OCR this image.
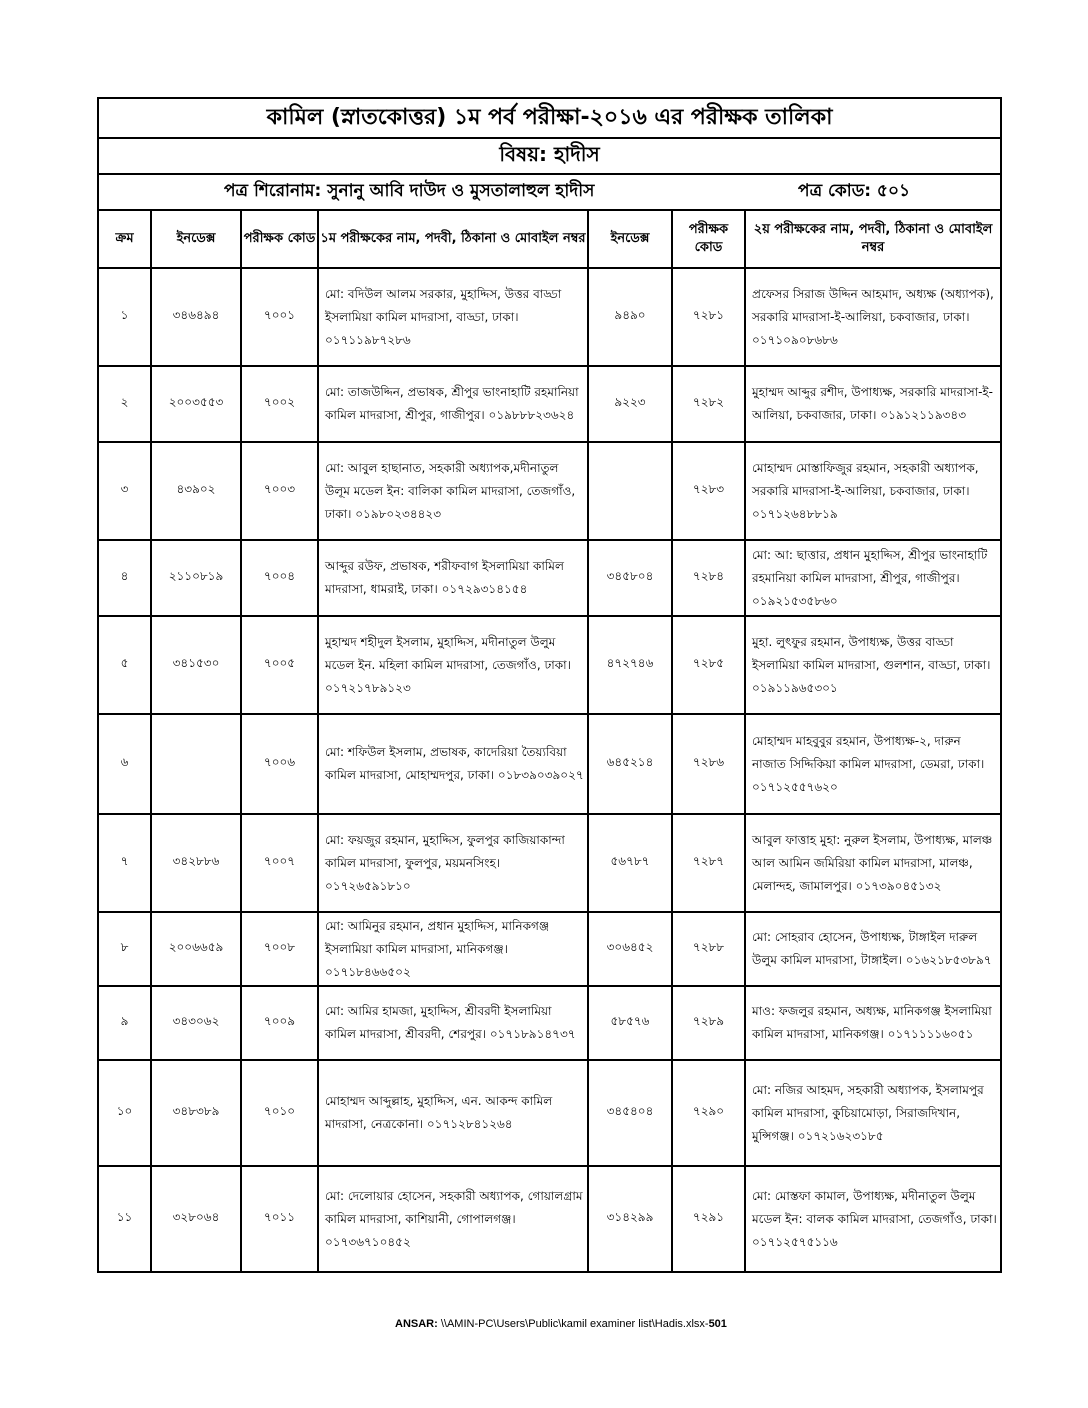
কামিল (স্নাতকোত্তর) ১ম পর্ব পরীক্ষা-২০১৬ এর পরীক্ষক তালিকা						
বিষয়: হাদীস						

পত্র শিরোনাম: সুনানু আবি দাউদ ও মুসতালাহুল হাদীস পত্র কোড: ৫০১						

ক্রম	ইনডেক্স	পরীক্ষক কোড	১ম পরীক্ষকের নাম, পদবী, ঠিকানা ও মোবাইল নম্বর	ইনডেক্স	পরীক্ষক কোড	২য় পরীক্ষকের নাম, পদবী, ঠিকানা ও মোবাইল নম্বর
১	৩৪৬৪৯৪	৭০০১	মো: বদিউল আলম সরকার, মুহাদ্দিস, উত্তর বাড্ডা ইসলামিয়া কামিল মাদরাসা, বাড্ডা, ঢাকা। ০১৭১১৯৮৭২৮৬	৯৪৯০	৭২৮১	প্রফেসর সিরাজ উদ্দিন আহমাদ, অধ্যক্ষ (অধ্যাপক), সরকারি মাদরাসা-ই-আলিয়া, চকবাজার, ঢাকা। ০১৭১০৯০৮৬৮৬
২	২০০৩৫৫৩	৭০০২	মো: তাজউদ্দিন, প্রভাষক, শ্রীপুর ভাংনাহাটি রহমানিয়া কামিল মাদরাসা, শ্রীপুর, গাজীপুর। ০১৯৮৮৮২৩৬২৪	৯২২৩	৭২৮২	মুহাম্মদ আব্দুর রশীদ, উপাধ্যক্ষ, সরকারি মাদরাসা-ই-আলিয়া, চকবাজার, ঢাকা। ০১৯১২১১৯৩৪৩
৩	৪৩৯০২	৭০০৩	মো: আবুল হাছানাত, সহকারী অধ্যাপক,মদীনাতুল উলূম মডেল ইন: বালিকা কামিল মাদরাসা, তেজগাঁও, ঢাকা। ০১৯৮০২৩৪৪২৩		৭২৮৩	মোহাম্মদ মোস্তাফিজুর রহমান, সহকারী অধ্যাপক, সরকারি মাদরাসা-ই-আলিয়া, চকবাজার, ঢাকা।০১৭১২৬৪৮৮১৯
৪	২১১০৮১৯	৭০০৪	আব্দুর রউফ, প্রভাষক, শরীফবাগ ইসলামিয়া কামিল মাদরাসা, ধামরাই, ঢাকা। ০১৭২৯৩১৪১৫৪	৩৪৫৮০৪	৭২৮৪	মো: আ: ছাত্তার, প্রধান মুহাদ্দিস, শ্রীপুর ভাংনাহাটি রহমানিয়া কামিল মাদরাসা, শ্রীপুর, গাজীপুর। ০১৯২১৫৩৫৮৬০
৫	৩৪১৫৩০	৭০০৫	মুহাম্মদ শহীদুল ইসলাম, মুহাদ্দিস, মদীনাতুল উলুম মডেল ইন. মহিলা কামিল মাদরাসা, তেজগাঁও, ঢাকা। ০১৭২১৭৮৯১২৩	৪৭২৭৪৬	৭২৮৫	মুহা. লুৎফুর রহমান, উপাধ্যক্ষ, উত্তর বাড্ডা ইসলামিয়া কামিল মাদরাসা, গুলশান, বাড্ডা, ঢাকা। ০১৯১১৯৬৫৩০১
৬		৭০০৬	মো: শফিউল ইসলাম, প্রভাষক, কাদেরিয়া তৈয়্যবিয়া কামিল মাদরাসা, মোহাম্মদপুর, ঢাকা। ০১৮৩৯০৩৯০২৭	৬৪৫২১৪	৭২৮৬	মোহাম্মদ মাহবুবুর রহমান, উপাধ্যক্ষ-২, দারুন নাজাত সিদ্দিকিয়া কামিল মাদরাসা, ডেমরা, ঢাকা। ০১৭১২৫৫৭৬২০
৭	৩৪২৮৮৬	৭০০৭	মো: ফয়জুর রহমান, মুহাদ্দিস, ফুলপুর কাজিয়াকান্দা কামিল মাদরাসা, ফুলপুর, ময়মনসিংহ। ০১৭২৬৫৯১৮১০	৫৬৭৮৭	৭২৮৭	আবুল ফাত্তাহ মুহা: নুরুল ইসলাম, উপাধ্যক্ষ, মালঞ্চ আল আমিন জমিরিয়া কামিল মাদরাসা, মালঞ্চ, মেলান্দহ, জামালপুর। ০১৭৩৯০৪৫১৩২
৮	২০০৬৬৫৯	৭০০৮	মো: আমিনুর রহমান, প্রধান মুহাদ্দিস, মানিকগঞ্জ ইসলামিয়া কামিল মাদরাসা, মানিকগঞ্জ। ০১৭১৮৪৬৬৫০২	৩০৬৪৫২	৭২৮৮	মো: সোহরাব হোসেন, উপাধ্যক্ষ, টাঙ্গাইল দারুল উলুম কামিল মাদরাসা, টাঙ্গাইল। ০১৬২১৮৫৩৮৯৭
৯	৩৪৩০৬২	৭০০৯	মো: আমির হামজা, মুহাদ্দিস, শ্রীবরদী ইসলামিয়া কামিল মাদরাসা, শ্রীবরদী, শেরপুর। ০১৭১৮৯১৪৭৩৭	৫৮৫৭৬	৭২৮৯	মাও: ফজলুর রহমান, অধ্যক্ষ, মানিকগঞ্জ ইসলামিয়া কামিল মাদরাসা, মানিকগঞ্জ। ০১৭১১১১৬০৫১
১০	৩৪৮৩৮৯	৭০১০	মোহাম্মদ আব্দুল্লাহ, মুহাদ্দিস, এন. আকন্দ কামিল মাদরাসা, নেত্রকোনা। ০১৭১২৮৪১২৬৪	৩৪৫৪০৪	৭২৯০	মো: নজির আহমদ, সহকারী অধ্যাপক, ইসলামপুর কামিল মাদরাসা, কুচিয়ামোড়া, সিরাজদিখান, মুন্সিগঞ্জ। ০১৭২১৬২৩১৮৫
১১	৩২৮০৬৪	৭০১১	মো: দেলোয়ার হোসেন, সহকারী অধ্যাপক, গোয়ালগ্রাম কামিল মাদরাসা, কাশিয়ানী, গোপালগঞ্জ। ০১৭৩৬৭১০৪৫২	৩১৪২৯৯	৭২৯১	মো: মোস্তফা কামাল, উপাধ্যক্ষ, মদীনাতুল উলুম মডেল ইন: বালক কামিল মাদরাসা, তেজগাঁও, ঢাকা। ০১৭১২৫৭৫১১৬
ANSAR: \\AMIN-PC\Users\Public\kamil examiner list\Hadis.xlsx-501
